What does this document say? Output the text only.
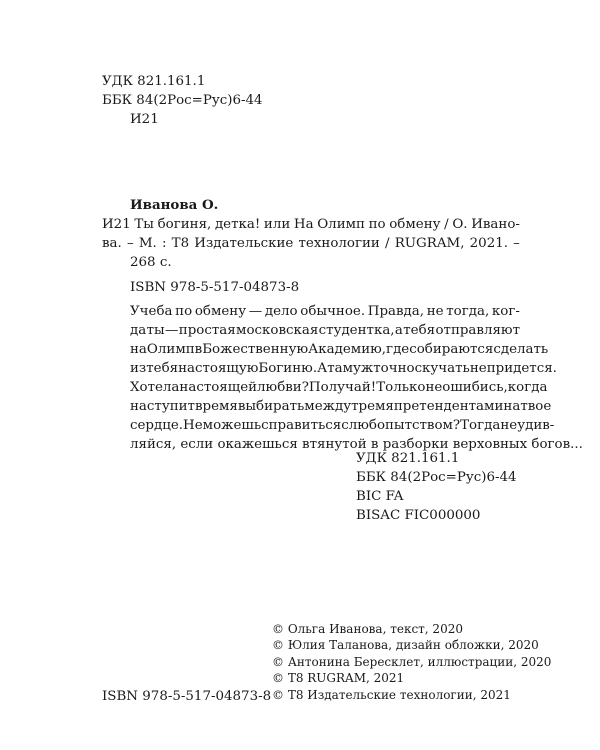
УДК 821.161.1
ББК 84(2Рос=Рус)6-44
И21
Иванова О.
И21 Ты богиня, детка! или На Олимп по обмену / О. Ивано-
ва. – М. : Т8 Издательские технологии / RUGRAM, 2021. –
268 с.
ISBN 978-5-517-04873-8
Учеба по обмену — дело обычное. Правда, не тогда, ког-
да ты — простая московская студентка, а тебя отправляют
на Олимп в Божественную Академию, где собираются сделать
из тебя настоящую Богиню. А там уж точно скучать не придется.
Хотела настоящей любви? Получай! Только не ошибись, когда
наступит время выбирать между тремя претендентами на твое
сердце. Не можешь справиться с любопытством? Тогда не удив-
ляйся, если окажешься втянутой в разборки верховных богов...
УДК 821.161.1
ББК 84(2Рос=Рус)6-44
BIC FA
BISAC FIC000000
© Ольга Иванова, текст, 2020
© Юлия Таланова, дизайн обложки, 2020
© Антонина Бересклет, иллюстрации, 2020
© Т8 RUGRAM, 2021
© Т8 Издательские технологии, 2021
ISBN 978-5-517-04873-8
